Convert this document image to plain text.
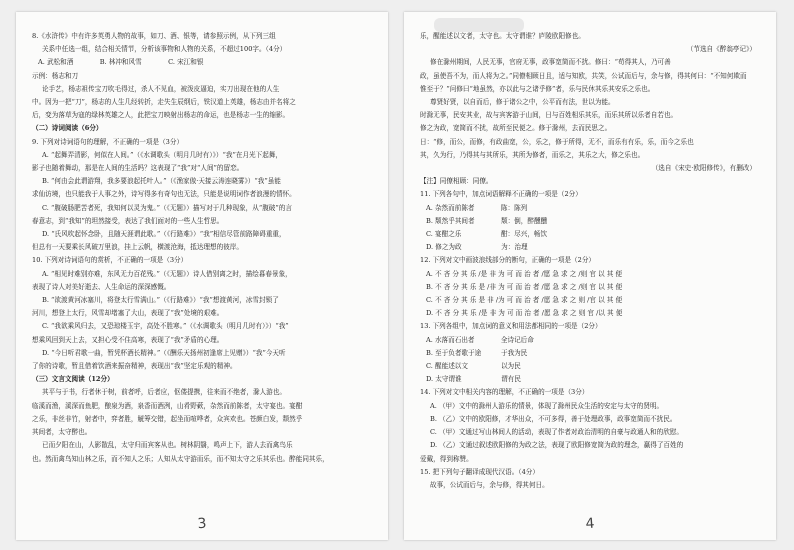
8.《水浒传》中有许多英勇人物的故事，如刀、酒、银等，请参照示例，从下列三组
关系中任选一组，结合相关情节，分析该事物和人物的关系，不超过100字。（4分）
A. 武松和酒　　　　B. 林冲和风雪　　　　C. 宋江和银
示例：杨志和刀
论手艺，杨志祖传宝刀吹毛得过，杀人不见血，被泼皮逼迫，实刀出现在他的人生
中。因为一把“刀”，杨志的人生几经转折，走失生辰纲后，铁汉道上英雄，杨志由并名将之
后，变为落草为寇的绿林英雄之人，此把宝刀映射出杨志的命运，也是杨志一生的缩影。
（二）诗词阅读（6分）
9. 下列对诗词语句的理解，不正确的一项是（3分）
A. “起舞弄清影，何似在人间。”（《水调歌头（明月几时有）》）“我”在月光下起舞，
影子也随着舞动，那是在人间的生活吗？这表现了“我”对“人间”的留恋。
B. “何由会此谓游翔，我多要浪起托叶人。”（《渔家傲·天接云涛连晓雾》）“我”虽能
求仙访境，也只能我于人事之外，诗写得多有奇句也无法，只能是说明词作者浪漫的情怀。
C. “腹破肠肥苦者死，我知何以灵为鬼。”（《无题》）描写对于几种现象，从“腹破”的言
春意志，到“我知”的坦然接受，表达了我们面对的一些人生哲思。
D. “氏风吹起怀念卧，且随天涯谓此歌。”（《行路难》）“我”相信尽管前路障碍重重，
但总有一天要乘长风破万里浪，挂上云帆，横渡沧海，抵达理想的彼岸。
10. 下列对诗词语句的赏析，不正确的一项是（3分）
A. “相见时难别亦难，东风无力百花残。”（《无题》）诗人借别离之时，描绘暮春景象，
表现了诗人对美好逝去、人生命运的深深感慨。
B. “欲渡黄河冰塞川，将登太行雪满山。”（《行路难》）“我”想渡黄河，冰雪封锁了
河川，想登上太行，风雪却堵塞了大山，表现了“我”处境的艰难。
C. “我欲乘风归去，又恐琼楼玉宇，高处不胜寒。”（《水调歌头（明月几时有）》）“我”
想乘风回到天上去，又担心受不住高寒，表现了“我”矛盾的心理。
D. “今日听君歌一曲，暂凭杯酒长精神。”（《酬乐天扬州初逢席上见赠》）“我”今天听
了你的诗歌，暂且借着饮酒来振奋精神，表现出“我”坚定乐观的精神。
（三）文言文阅读（12分）
其平与于书，行者休于树，前者呼，后者应，伛偻提携，往来而不绝者，滁人游也。
临溪而渔，溪深而鱼肥，酿泉为酒，泉香而酒洌，山肴野蔌，杂然而前陈者，太守宴也。宴酣
之乐，非丝非竹，射者中，弈者胜，觥筹交错，起坐而喧哗者，众宾欢也。苍颜白发，颓然乎
其间者，太守醉也。
已而夕阳在山，人影散乱，太守归而宾客从也。树林阴翳，鸣声上下，游人去而禽鸟乐
也。然而禽鸟知山林之乐，而不知人之乐；人知从太守游而乐，而不知太守之乐其乐也。醉能同其乐，
3
乐，醒能述以文者，太守也。太守谓谁？庐陵欧阳修也。
（节选自《醉翁亭记》）
修在滁州期间，人民无事，官府无事，政事宽简而不扰。修曰：“苟得其人，乃可善
政，虽使吾不为，而人将为之。”同僚相顾日且，适与知欧，共笑，公试而后与，余与修，得其何曰：“不知何欺而
惟至于？”问修曰“地虽然，亦以此与之诸乎修”者，乐与民休其乐其安乐之乐也。
尊贤好贤，以自而后，修于诸公之中，公平而有法，世以为能。
时滁无事，民安其业，故与宾客游于山间，日与百姓相乐其乐，而乐其所以乐者自若也。
修之为政，宽简而不扰，故所至民便之。修于滁州，去而民思之。
日：“修，而公，而修，有政曲宽，公，乐之，修于所得，无不，而乐有有乐，乐，而今之乐也
其，久为行，乃得其与其所乐，其所为修者，而乐之，其乐之大，修之乐也。
（选自《宋史·欧阳修传》，有删改）
【注】同僚相顾：同僚。
11. 下列各句中，加点词语解释不正确的一项是（2分）
A. 杂然而前陈者　　　　陈：陈列
B. 颓然乎其间者　　　　颓：倒，醉醺醺
C. 宴酣之乐　　　　　　酣：尽兴，畅饮
D. 修之为政　　　　　　为：治理
12. 下列对文中画波浪线部分的断句，正确的一项是（2分）
A. 不 吝 分 其 乐 /是 非 为 可 而 治 者 /愿 急 求 之 /则 官 以 其 便
B. 不 吝 分 其 乐 是 /非 为 可 而 治 者 /愿 急 求 之 /则 官 以 其 便
C. 不 吝 分 其 乐 是 非 /为 可 而 治 者 /愿 急 求 之 则 /官 以 其 便
D. 不 吝 分 其 乐 /是 非 为 可 而 治 者 /愿 急 求 之 则 官 /以 其 便
13. 下列各组中，加点词的意义和用法都相同的一项是（2分）
A. 水落而石出者　　　　全诗记后命
B. 至于负者歌于途　　　于我为民
C. 醒能述以文　　　　　以为民
D. 太守谓谁　　　　　　谓有民
14. 下列对文中相关内容的理解，不正确的一项是（3分）
A. （甲）文中的滁州人游乐的情景，体现了滁州民众生活的安定与太守的贤明。
B. （乙）文中的欧阳修，才华出众，不可多得，善于处理政事，政事宽简而不扰民。
C. （甲）文通过写山林间人的活动，表现了作者对政治清明的自豪与政通人和的欣慰。
D. （乙）文通过叙述欧阳修的为政之法，表现了欧阳修宽简为政的理念，赢得了百姓的
爱戴，得到称赞。
15. 把下列句子翻译成现代汉语。（4分）
故事，公试而后与，余与修，得其何日。
4
